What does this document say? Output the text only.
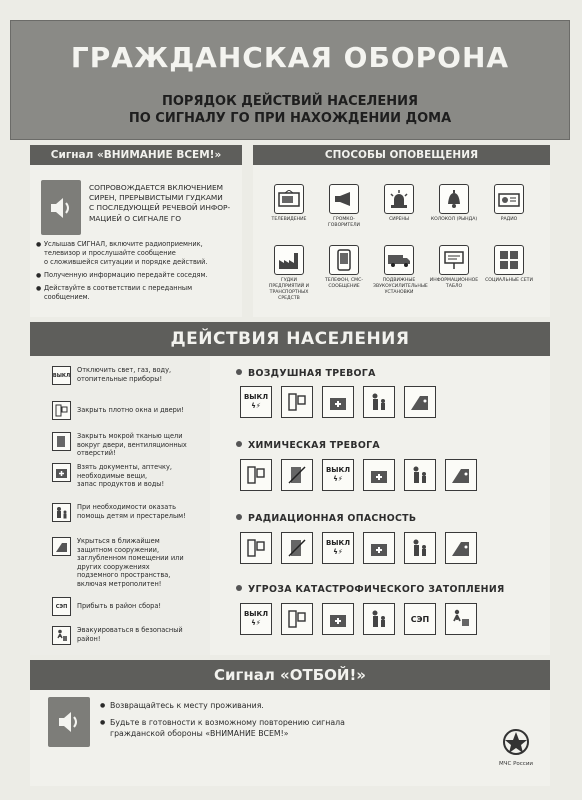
ГРАЖДАНСКАЯ ОБОРОНА
ПОРЯДОК ДЕЙСТВИЙ НАСЕЛЕНИЯ
ПО СИГНАЛУ ГО ПРИ НАХОЖДЕНИИ ДОМА
Сигнал «ВНИМАНИЕ ВСЕМ!»
СОПРОВОЖДАЕТСЯ ВКЛЮЧЕНИЕМ
СИРЕН, ПРЕРЫВИСТЫМИ ГУДКАМИ
С ПОСЛЕДУЮЩЕЙ РЕЧЕВОЙ ИНФОР-
МАЦИЕЙ О СИГНАЛЕ ГО
● Услышав СИГНАЛ, включите радиоприемник,
телевизор и прослушайте сообщение
о сложившейся ситуации и порядке действий.
● Полученную информацию передайте соседям.
● Действуйте в соответствии с переданным
сообщением.
СПОСОБЫ ОПОВЕЩЕНИЯ
ТЕЛЕВИДЕНИЕ	ГРОМКО-ГОВОРИТЕЛИ
СИРЕНЫ	КОЛОКОЛ (РЫНДА)	РАДИО
ГУДКИ ПРЕДПРИЯТИЙ И ТРАНСПОРТНЫХ СРЕДСТВ
ТЕЛЕФОН, СМС-СООБЩЕНИЕ
ПОДВИЖНЫЕ ЗВУКОУСИЛИТЕЛЬНЫЕ УСТАНОВКИ
ИНФОРМАЦИОННОЕ ТАБЛО
СОЦИАЛЬНЫЕ СЕТИ
ДЕЙСТВИЯ НАСЕЛЕНИЯ
ВЫКЛ
Отключить свет, газ, воду,
отопительные приборы!
Закрыть плотно окна и двери!
Закрыть мокрой тканью щели
вокруг двери, вентиляционных
отверстий!
Взять документы, аптечку,
необходимые вещи,
запас продуктов и воды!
При необходимости оказать
помощь детям и престарелым!
Укрыться в ближайшем
защитном сооружении,
заглубленном помещении или
других сооружениях
подземного пространства,
включая метрополитен!
СЭП	Прибыть в район сбора!
Эвакуироваться в безопасный
район!
ВОЗДУШНАЯ ТРЕВОГА
ВЫКЛ
ϟ⚡
ХИМИЧЕСКАЯ ТРЕВОГА
ВЫКЛ
ϟ⚡
РАДИАЦИОННАЯ ОПАСНОСТЬ
ВЫКЛ
ϟ⚡
УГРОЗА КАТАСТРОФИЧЕСКОГО ЗАТОПЛЕНИЯ
ВЫКЛ
ϟ⚡	СЭП
Сигнал «ОТБОЙ!»
● Возвращайтесь к месту проживания.
● Будьте в готовности к возможному повторению сигнала
гражданской обороны «ВНИМАНИЕ ВСЕМ!»
МЧС России
